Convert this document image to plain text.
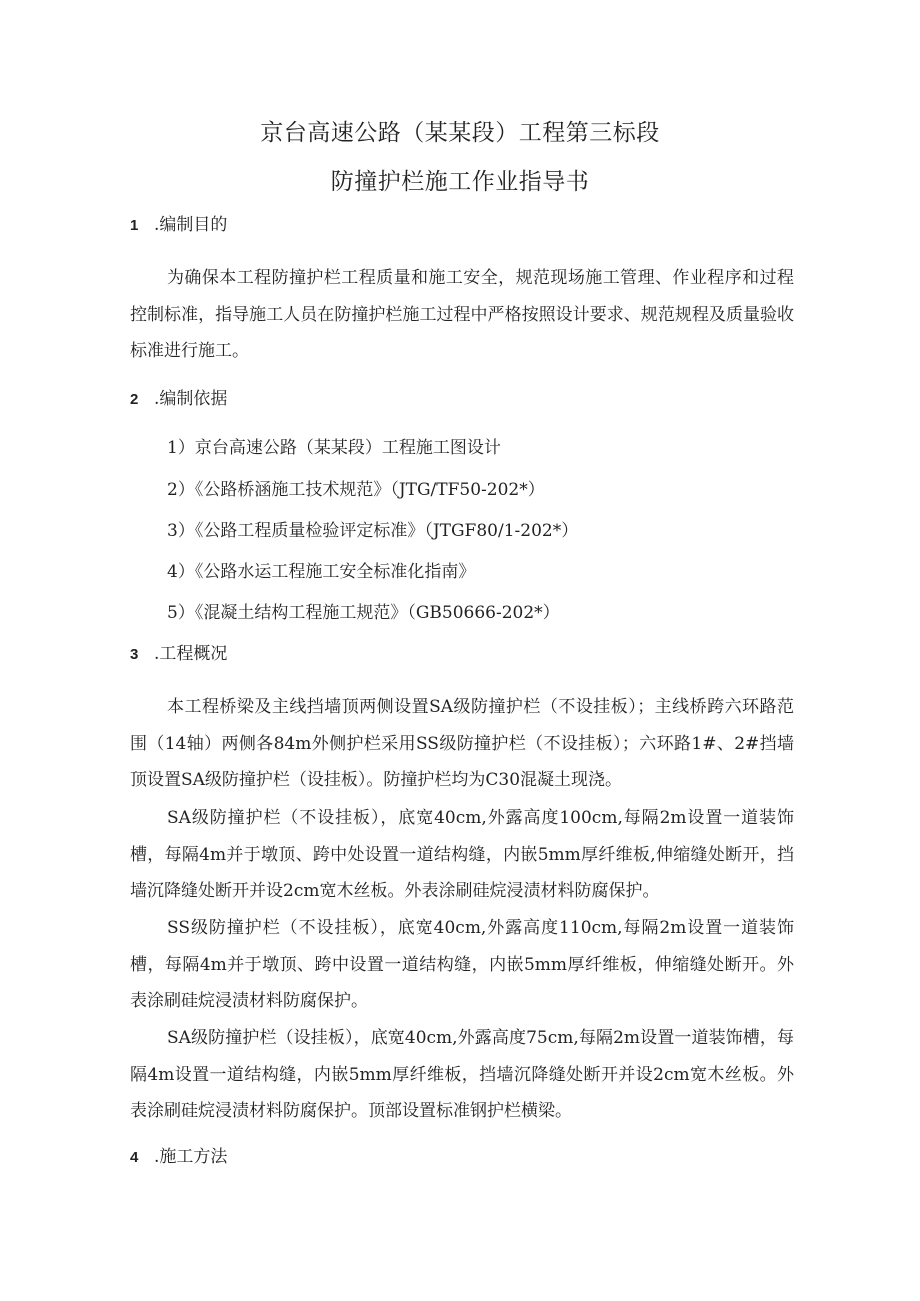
京台高速公路（某某段）工程第三标段
防撞护栏施工作业指导书
1 .编制目的

为确保本工程防撞护栏工程质量和施工安全，规范现场施工管理、作业程序和过程控制标准，指导施工人员在防撞护栏施工过程中严格按照设计要求、规范规程及质量验收标准进行施工。

2 .编制依据

1）京台高速公路（某某段）工程施工图设计

2）《公路桥涵施工技术规范》（JTG/TF50-202*）

3）《公路工程质量检验评定标准》（JTGF80/1-202*）

4）《公路水运工程施工安全标准化指南》

5）《混凝土结构工程施工规范》（GB50666-202*）

3 .工程概况

本工程桥梁及主线挡墙顶两侧设置SA级防撞护栏（不设挂板）；主线桥跨六环路范围（14轴）两侧各84m外侧护栏采用SS级防撞护栏（不设挂板）；六环路1#、2#挡墙顶设置SA级防撞护栏（设挂板）。防撞护栏均为C30混凝土现浇。

SA级防撞护栏（不设挂板），底宽40cm,外露高度100cm,每隔2m设置一道装饰槽，每隔4m并于墩顶、跨中处设置一道结构缝，内嵌5mm厚纤维板,伸缩缝处断开，挡墙沉降缝处断开并设2cm宽木丝板。外表涂刷硅烷浸渍材料防腐保护。

SS级防撞护栏（不设挂板），底宽40cm,外露高度110cm,每隔2m设置一道装饰槽，每隔4m并于墩顶、跨中设置一道结构缝，内嵌5mm厚纤维板，伸缩缝处断开。外表涂刷硅烷浸渍材料防腐保护。

SA级防撞护栏（设挂板），底宽40cm,外露高度75cm,每隔2m设置一道装饰槽，每隔4m设置一道结构缝，内嵌5mm厚纤维板，挡墙沉降缝处断开并设2cm宽木丝板。外表涂刷硅烷浸渍材料防腐保护。顶部设置标准钢护栏横梁。

4 .施工方法
